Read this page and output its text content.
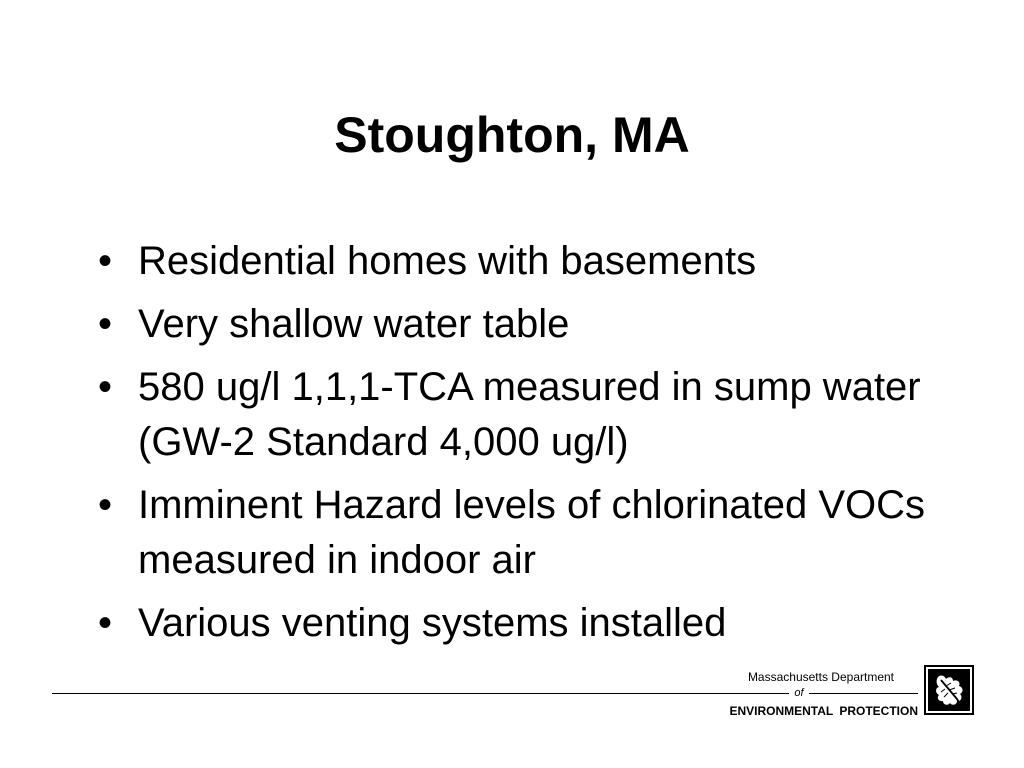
Stoughton, MA
• Residential homes with basements
• Very shallow water table
• 580 ug/l 1,1,1-TCA measured in sump water (GW-2 Standard 4,000 ug/l)
• Imminent Hazard levels of chlorinated VOCs measured in indoor air
• Various venting systems installed
Massachusetts Department
of
ENVIRONMENTAL PROTECTION
